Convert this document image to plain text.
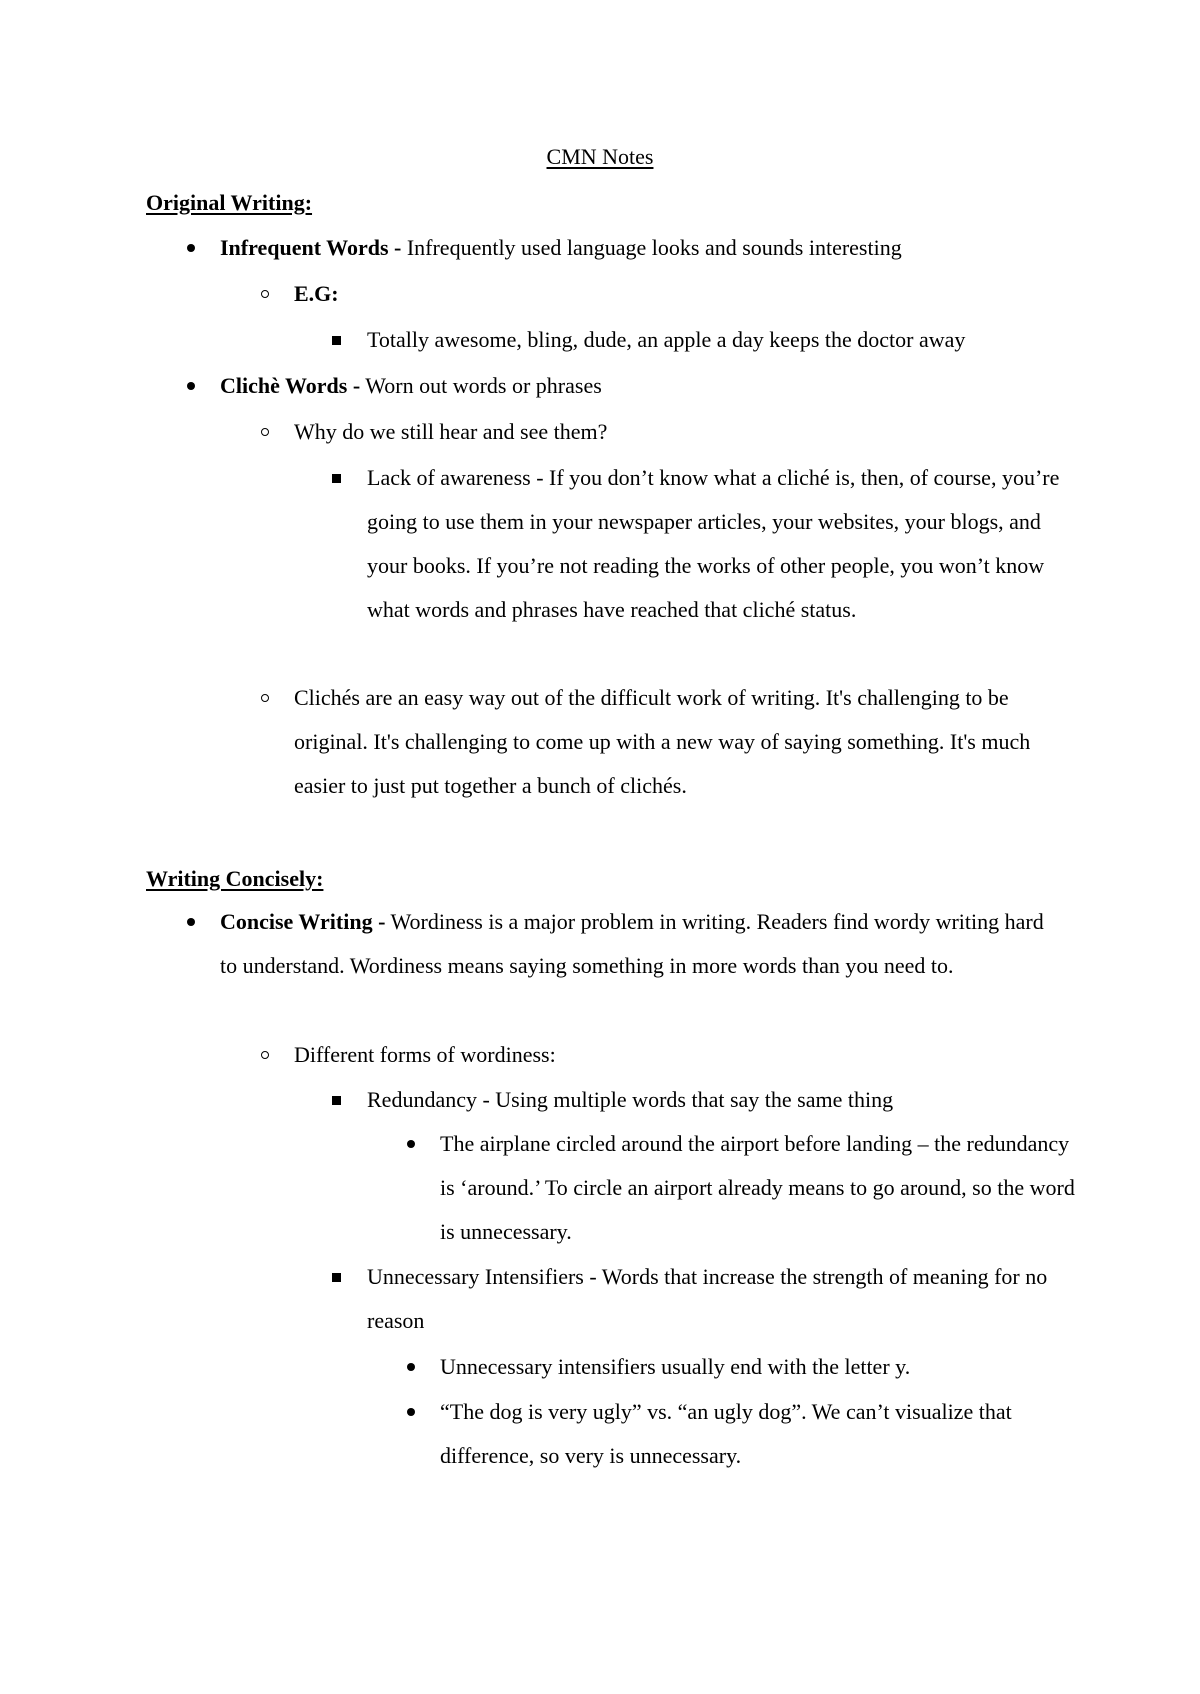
CMN Notes
Original Writing:
Infrequent Words - Infrequently used language looks and sounds interesting
E.G:
Totally awesome, bling, dude, an apple a day keeps the doctor away
Clichè Words - Worn out words or phrases
Why do we still hear and see them?
Lack of awareness - If you don’t know what a cliché is, then, of course, you’re going to use them in your newspaper articles, your websites, your blogs, and your books. If you’re not reading the works of other people, you won’t know what words and phrases have reached that cliché status.
Clichés are an easy way out of the difficult work of writing. It's challenging to be original. It's challenging to come up with a new way of saying something. It's much easier to just put together a bunch of clichés.
Writing Concisely:
Concise Writing - Wordiness is a major problem in writing. Readers find wordy writing hard to understand. Wordiness means saying something in more words than you need to.
Different forms of wordiness:
Redundancy - Using multiple words that say the same thing
The airplane circled around the airport before landing – the redundancy is ‘around.’ To circle an airport already means to go around, so the word is unnecessary.
Unnecessary Intensifiers - Words that increase the strength of meaning for no reason
Unnecessary intensifiers usually end with the letter y.
“The dog is very ugly” vs. “an ugly dog”. We can’t visualize that difference, so very is unnecessary.
